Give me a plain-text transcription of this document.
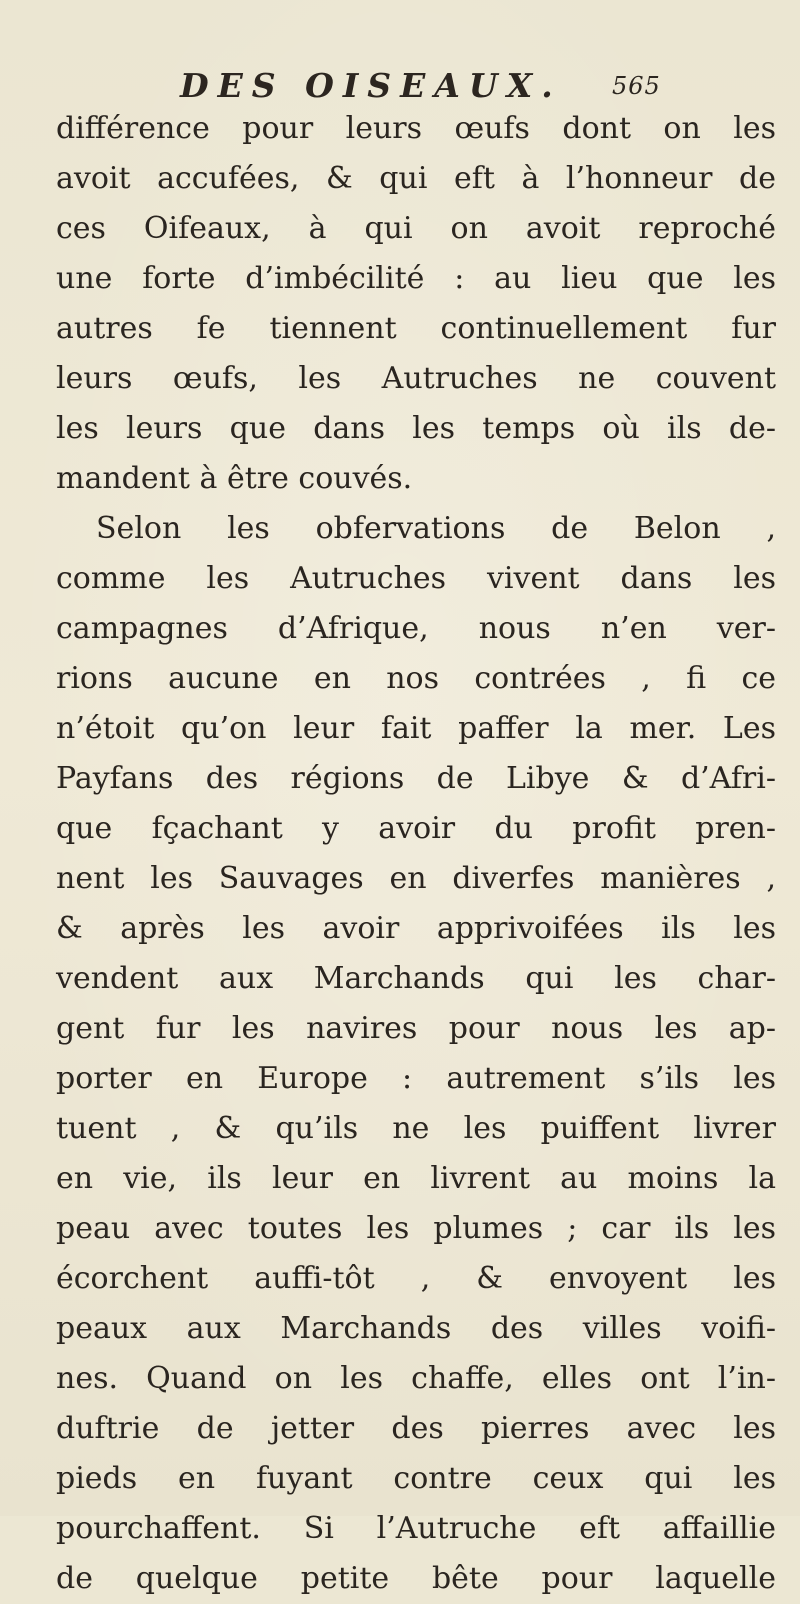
DES OISEAUX. 565
différence pour leurs œufs dont on les
avoit accufées, & qui eft à l’honneur de
ces Oifeaux, à qui on avoit reproché
une forte d’imbécilité : au lieu que les
autres fe tiennent continuellement fur
leurs œufs, les Autruches ne couvent
les leurs que dans les temps où ils de-
mandent à être couvés.
Selon les obfervations de Belon ,
comme les Autruches vivent dans les
campagnes d’Afrique, nous n’en ver-
rions aucune en nos contrées , fi ce
n’étoit qu’on leur fait paffer la mer. Les
Payfans des régions de Libye & d’Afri-
que fçachant y avoir du profit pren-
nent les Sauvages en diverfes manières ,
& après les avoir apprivoifées ils les
vendent aux Marchands qui les char-
gent fur les navires pour nous les ap-
porter en Europe : autrement s’ils les
tuent , & qu’ils ne les puiffent livrer
en vie, ils leur en livrent au moins la
peau avec toutes les plumes ; car ils les
écorchent auffi-tôt , & envoyent les
peaux aux Marchands des villes voifi-
nes. Quand on les chaffe, elles ont l’in-
duftrie de jetter des pierres avec les
pieds en fuyant contre ceux qui les
pourchaffent. Si l’Autruche eft affaillie
de quelque petite bête pour laquelle
